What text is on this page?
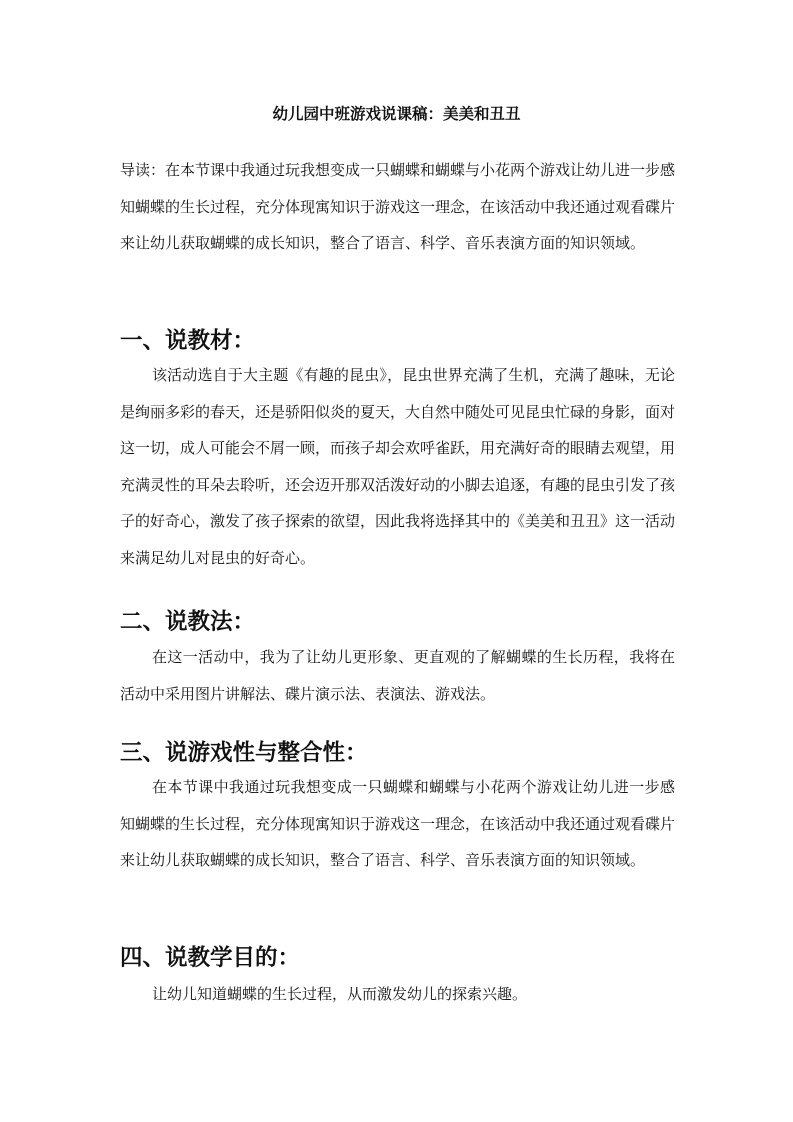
幼儿园中班游戏说课稿：美美和丑丑

导读：在本节课中我通过玩我想变成一只蝴蝶和蝴蝶与小花两个游戏让幼儿进一步感知蝴蝶的生长过程，充分体现寓知识于游戏这一理念，在该活动中我还通过观看碟片来让幼儿获取蝴蝶的成长知识，整合了语言、科学、音乐表演方面的知识领域。

一、说教材：

该活动选自于大主题《有趣的昆虫》，昆虫世界充满了生机，充满了趣味，无论是绚丽多彩的春天，还是骄阳似炎的夏天，大自然中随处可见昆虫忙碌的身影，面对这一切，成人可能会不屑一顾，而孩子却会欢呼雀跃，用充满好奇的眼睛去观望，用充满灵性的耳朵去聆听，还会迈开那双活泼好动的小脚去追逐，有趣的昆虫引发了孩子的好奇心，激发了孩子探索的欲望，因此我将选择其中的《美美和丑丑》这一活动来满足幼儿对昆虫的好奇心。

二、说教法：

在这一活动中，我为了让幼儿更形象、更直观的了解蝴蝶的生长历程，我将在活动中采用图片讲解法、碟片演示法、表演法、游戏法。

三、说游戏性与整合性：

在本节课中我通过玩我想变成一只蝴蝶和蝴蝶与小花两个游戏让幼儿进一步感知蝴蝶的生长过程，充分体现寓知识于游戏这一理念，在该活动中我还通过观看碟片来让幼儿获取蝴蝶的成长知识，整合了语言、科学、音乐表演方面的知识领域。

四、说教学目的：

让幼儿知道蝴蝶的生长过程，从而激发幼儿的探索兴趣。
